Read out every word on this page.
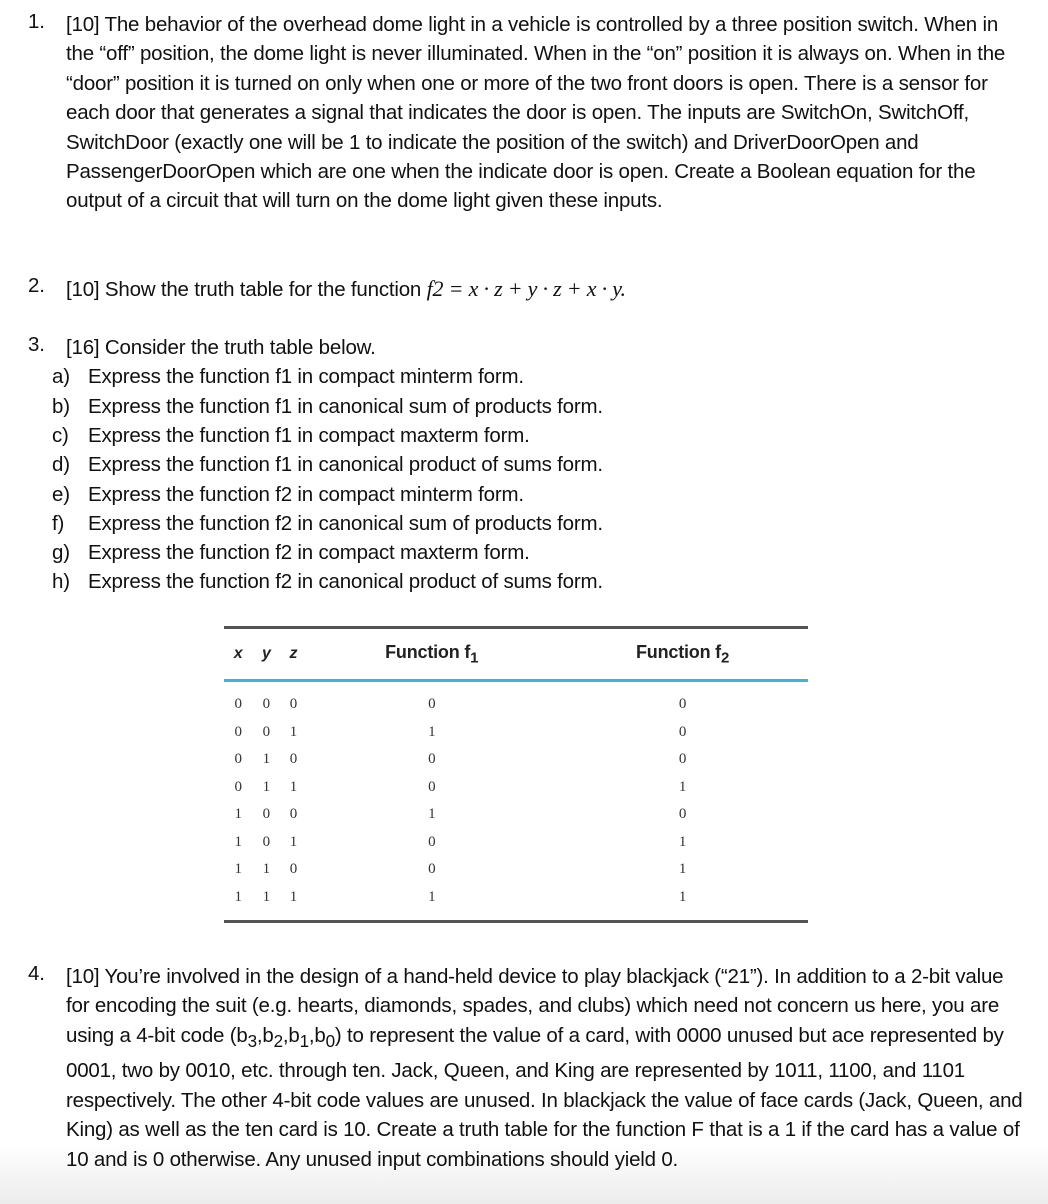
1.	[10] The behavior of the overhead dome light in a vehicle is controlled by a three position switch. When in the “off” position, the dome light is never illuminated. When in the “on” position it is always on. When in the “door” position it is turned on only when one or more of the two front doors is open. There is a sensor for each door that generates a signal that indicates the door is open. The inputs are SwitchOn, SwitchOff, SwitchDoor (exactly one will be 1 to indicate the position of the switch) and DriverDoorOpen and PassengerDoorOpen which are one when the indicate door is open. Create a Boolean equation for the output of a circuit that will turn on the dome light given these inputs.
2.	[10] Show the truth table for the function f2 = x · z + y · z + x · y.
3.	[16] Consider the truth table below.
a) Express the function f1 in compact minterm form.
b) Express the function f1 in canonical sum of products form.
c) Express the function f1 in compact maxterm form.
d) Express the function f1 in canonical product of sums form.
e) Express the function f2 in compact minterm form.
f) Express the function f2 in canonical sum of products form.
g) Express the function f2 in compact maxterm form.
h) Express the function f2 in canonical product of sums form.
x	y	z	Function $f_1$	Function $f_2$
0	0	0	0	0
0	0	1	1	0
0	1	0	0	0
0	1	1	0	1
1	0	0	1	0
1	0	1	0	1
1	1	0	0	1
1	1	1	1	1

4.	[10] You’re involved in the design of a hand-held device to play blackjack (“21”). In addition to a 2-bit value for encoding the suit (e.g. hearts, diamonds, spades, and clubs) which need not concern us here, you are using a 4-bit code $(b_3,b_2,b_1,b_0)$ to represent the value of a card, with 0000 unused but ace represented by 0001, two by 0010, etc. through ten. Jack, Queen, and King are represented by 1011, 1100, and 1101 respectively. The other 4-bit code values are unused. In blackjack the value of face cards (Jack, Queen, and King) as well as the ten card is 10. Create a truth table for the function F that is a 1 if the card has a value of 10 and is 0 otherwise. Any unused input combinations should yield 0.
